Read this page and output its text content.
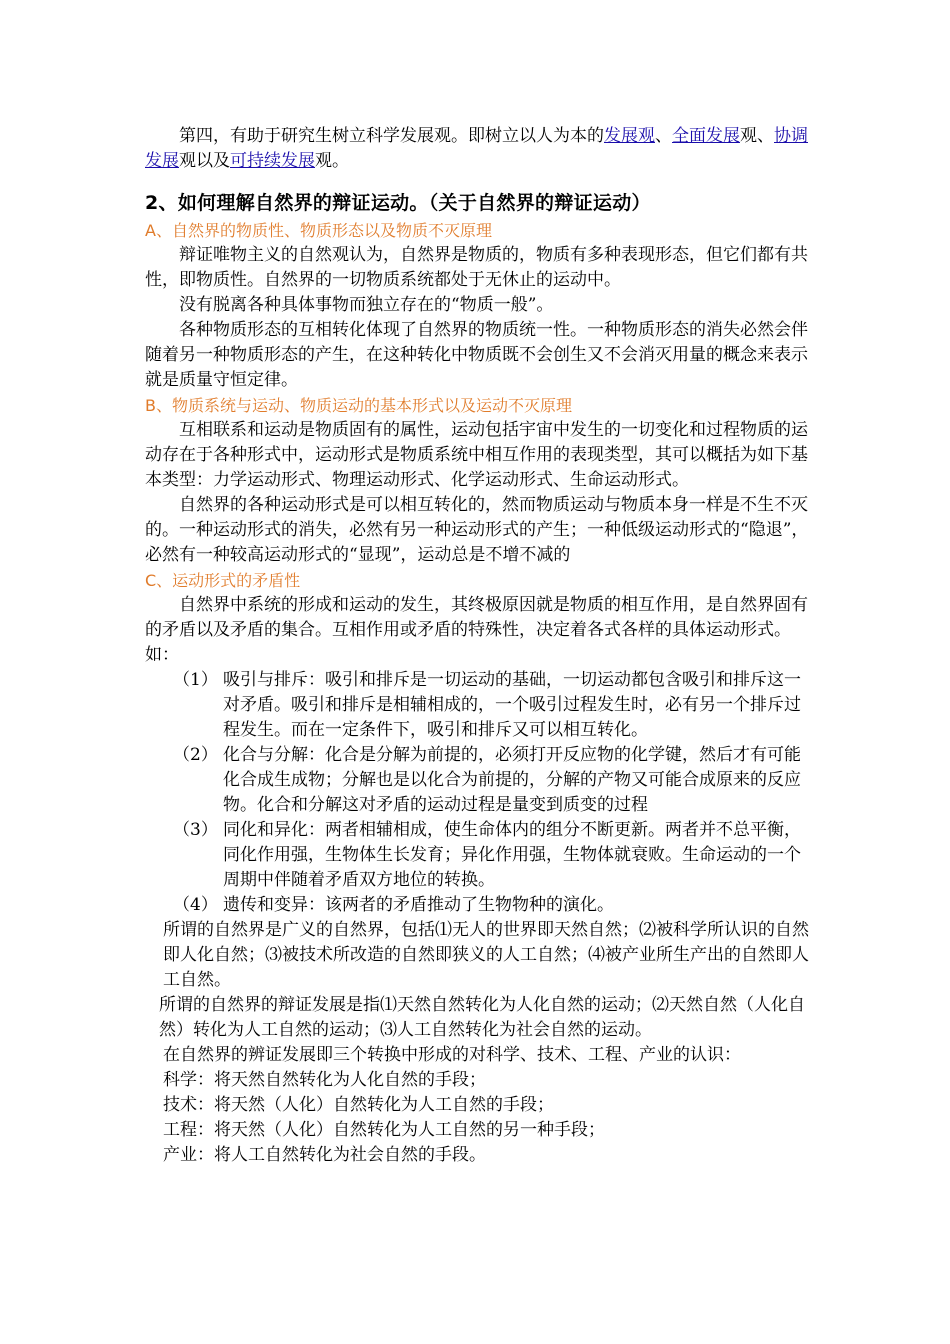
第四，有助于研究生树立科学发展观。即树立以人为本的发展观、全面发展观、协调发展观以及可持续发展观。

2、如何理解自然界的辩证运动。（关于自然界的辩证运动）

A、自然界的物质性、物质形态以及物质不灭原理

辩证唯物主义的自然观认为，自然界是物质的，物质有多种表现形态，但它们都有共性，即物质性。自然界的一切物质系统都处于无休止的运动中。

没有脱离各种具体事物而独立存在的“物质一般”。

各种物质形态的互相转化体现了自然界的物质统一性。一种物质形态的消失必然会伴随着另一种物质形态的产生，在这种转化中物质既不会创生又不会消灭用量的概念来表示就是质量守恒定律。

B、物质系统与运动、物质运动的基本形式以及运动不灭原理

互相联系和运动是物质固有的属性，运动包括宇宙中发生的一切变化和过程物质的运动存在于各种形式中，运动形式是物质系统中相互作用的表现类型，其可以概括为如下基本类型：力学运动形式、物理运动形式、化学运动形式、生命运动形式。

自然界的各种运动形式是可以相互转化的，然而物质运动与物质本身一样是不生不灭的。一种运动形式的消失，必然有另一种运动形式的产生；一种低级运动形式的“隐退”，必然有一种较高运动形式的“显现”，运动总是不增不减的

C、运动形式的矛盾性

自然界中系统的形成和运动的发生，其终极原因就是物质的相互作用，是自然界固有的矛盾以及矛盾的集合。互相作用或矛盾的特殊性，决定着各式各样的具体运动形式。如：

（1） 吸引与排斥：吸引和排斥是一切运动的基础，一切运动都包含吸引和排斥这一对矛盾。吸引和排斥是相辅相成的，一个吸引过程发生时，必有另一个排斥过程发生。而在一定条件下，吸引和排斥又可以相互转化。
（2） 化合与分解：化合是分解为前提的，必须打开反应物的化学键，然后才有可能化合成生成物；分解也是以化合为前提的，分解的产物又可能合成原来的反应物。化合和分解这对矛盾的运动过程是量变到质变的过程
（3） 同化和异化：两者相辅相成，使生命体内的组分不断更新。两者并不总平衡，同化作用强，生物体生长发育；异化作用强，生物体就衰败。生命运动的一个周期中伴随着矛盾双方地位的转换。
（4） 遗传和变异：该两者的矛盾推动了生物物种的演化。

所谓的自然界是广义的自然界，包括⑴无人的世界即天然自然；⑵被科学所认识的自然即人化自然；⑶被技术所改造的自然即狭义的人工自然；⑷被产业所生产出的自然即人工自然。

所谓的自然界的辩证发展是指⑴天然自然转化为人化自然的运动；⑵天然自然（人化自然）转化为人工自然的运动；⑶人工自然转化为社会自然的运动。

在自然界的辨证发展即三个转换中形成的对科学、技术、工程、产业的认识：

科学：将天然自然转化为人化自然的手段；

技术：将天然（人化）自然转化为人工自然的手段；

工程：将天然（人化）自然转化为人工自然的另一种手段；

产业：将人工自然转化为社会自然的手段。
